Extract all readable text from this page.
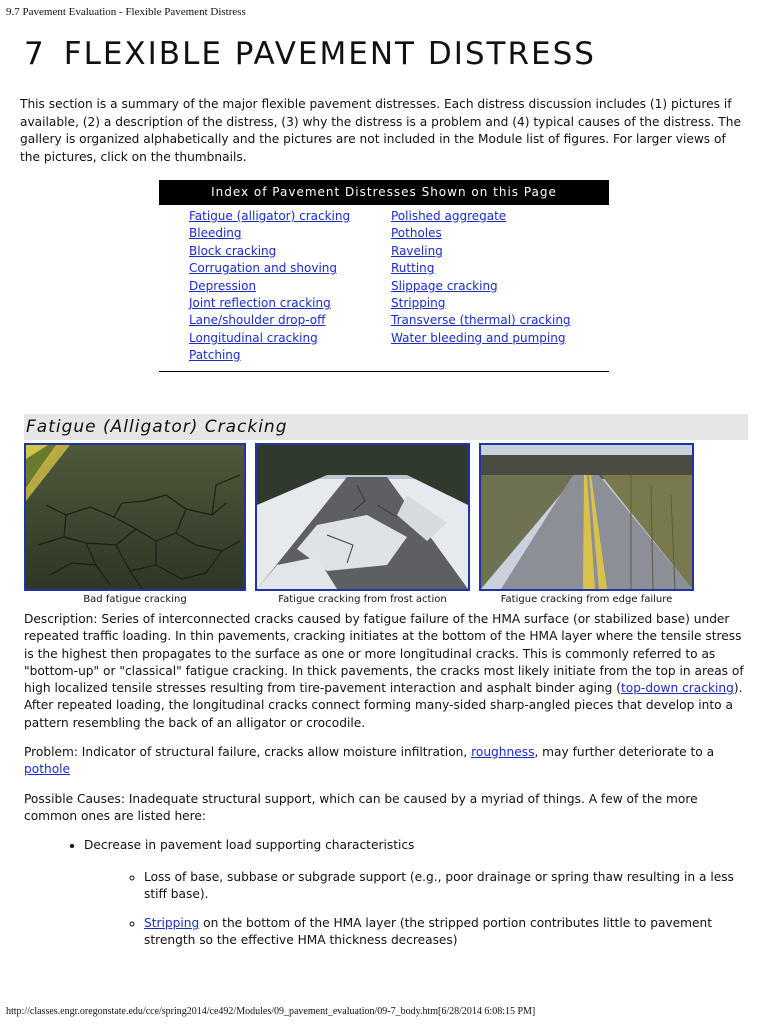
9.7 Pavement Evaluation - Flexible Pavement Distress
7 FLEXIBLE PAVEMENT DISTRESS

This section is a summary of the major flexible pavement distresses. Each distress discussion includes (1) pictures if available, (2) a description of the distress, (3) why the distress is a problem and (4) typical causes of the distress. The gallery is organized alphabetically and the pictures are not included in the Module list of figures. For larger views of the pictures, click on the thumbnails.

Index of Pavement Distresses Shown on this Page
Fatigue (alligator) cracking
Bleeding
Block cracking
Corrugation and shoving
Depression
Joint reflection cracking
Lane/shoulder drop-off
Longitudinal cracking
Patching
Polished aggregate
Potholes
Raveling
Rutting
Slippage cracking
Stripping
Transverse (thermal) cracking
Water bleeding and pumping
Fatigue (Alligator) Cracking
Bad fatigue cracking	Fatigue cracking from frost action	Fatigue cracking from edge failure

Description: Series of interconnected cracks caused by fatigue failure of the HMA surface (or stabilized base) under repeated traffic loading. In thin pavements, cracking initiates at the bottom of the HMA layer where the tensile stress is the highest then propagates to the surface as one or more longitudinal cracks. This is commonly referred to as "bottom-up" or "classical" fatigue cracking. In thick pavements, the cracks most likely initiate from the top in areas of high localized tensile stresses resulting from tire-pavement interaction and asphalt binder aging (top-down cracking). After repeated loading, the longitudinal cracks connect forming many-sided sharp-angled pieces that develop into a pattern resembling the back of an alligator or crocodile.

Problem: Indicator of structural failure, cracks allow moisture infiltration, roughness, may further deteriorate to a pothole

Possible Causes: Inadequate structural support, which can be caused by a myriad of things. A few of the more common ones are listed here:

• Decrease in pavement load supporting characteristics
◦ Loss of base, subbase or subgrade support (e.g., poor drainage or spring thaw resulting in a less stiff base).
◦ Stripping on the bottom of the HMA layer (the stripped portion contributes little to pavement strength so the effective HMA thickness decreases)
http://classes.engr.oregonstate.edu/cce/spring2014/ce492/Modules/09_pavement_evaluation/09-7_body.htm[6/28/2014 6:08:15 PM]
